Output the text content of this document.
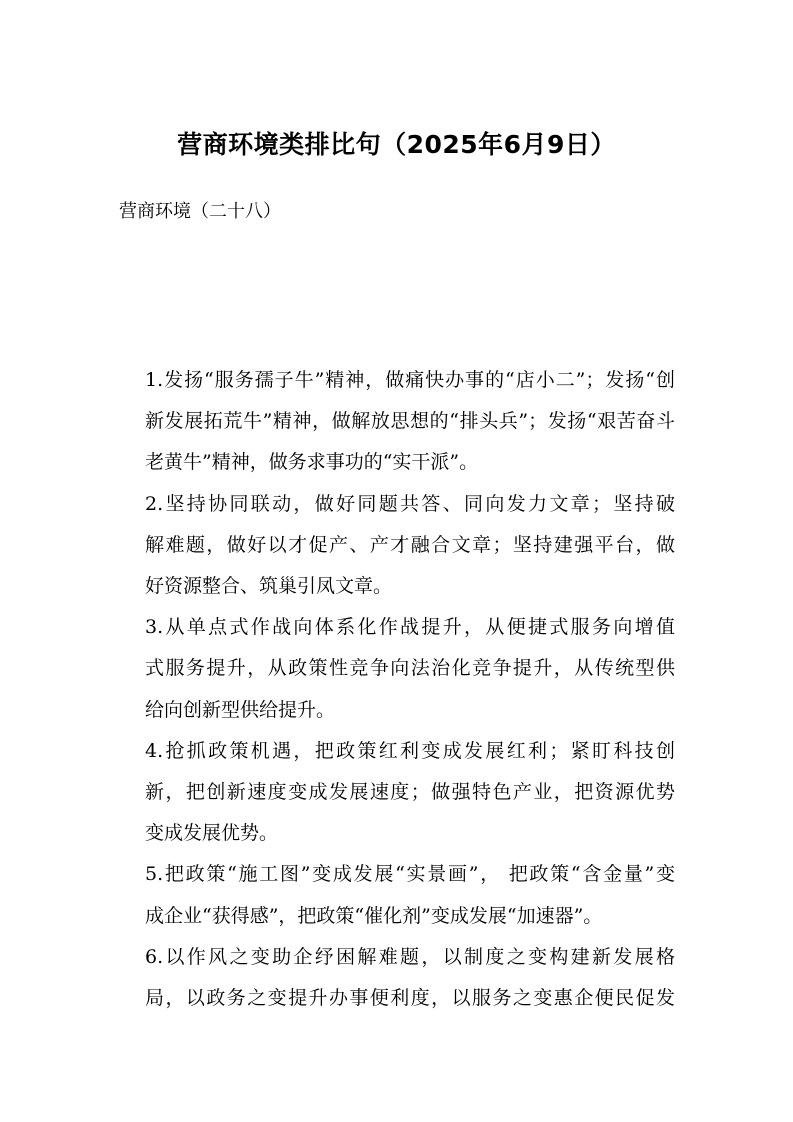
营商环境类排比句（2025年6月9日）

营商环境（二十八）

1.发扬“服务孺子牛”精神，做痛快办事的“店小二”；发扬“创
新发展拓荒牛”精神，做解放思想的“排头兵”；发扬“艰苦奋斗
老黄牛”精神，做务求事功的“实干派”。

2.坚持协同联动，做好同题共答、同向发力文章；坚持破
解难题，做好以才促产、产才融合文章；坚持建强平台，做
好资源整合、筑巢引凤文章。

3.从单点式作战向体系化作战提升，从便捷式服务向增值
式服务提升，从政策性竞争向法治化竞争提升，从传统型供
给向创新型供给提升。

4.抢抓政策机遇，把政策红利变成发展红利；紧盯科技创
新，把创新速度变成发展速度；做强特色产业，把资源优势
变成发展优势。

5.把政策“施工图”变成发展“实景画”， 把政策“含金量”变
成企业“获得感”，把政策“催化剂”变成发展“加速器”。

6.以作风之变助企纾困解难题，以制度之变构建新发展格
局，以政务之变提升办事便利度，以服务之变惠企便民促发
